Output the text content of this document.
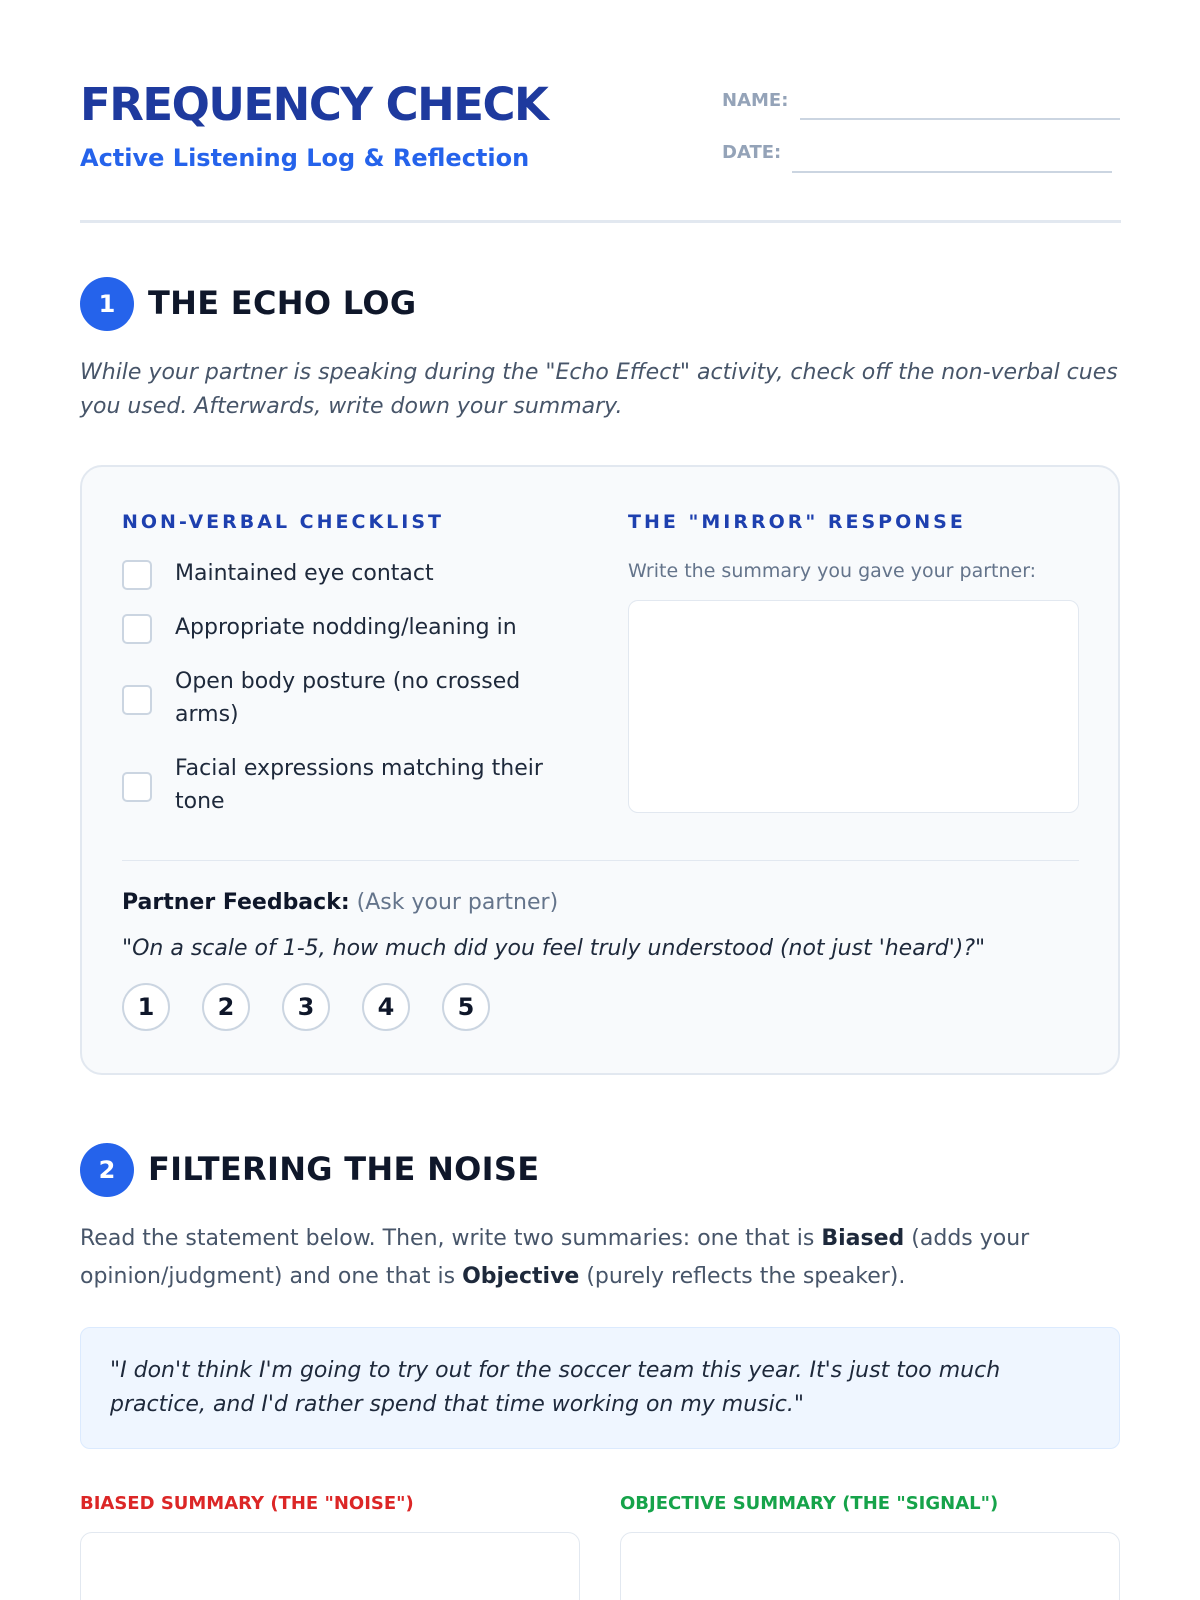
FREQUENCY CHECK
Active Listening Log & Reflection
NAME:
DATE:
1	THE ECHO LOG
While your partner is speaking during the "Echo Effect" activity, check off the non-verbal cues you used. Afterwards, write down your summary.
NON-VERBAL CHECKLIST	THE "MIRROR" RESPONSE
Maintained eye contact
Appropriate nodding/leaning in
Open body posture (no crossed arms)
Facial expressions matching their tone
Write the summary you gave your partner:
Partner Feedback: (Ask your partner)
"On a scale of 1-5, how much did you feel truly understood (not just 'heard')?"
1	2	3	4	5
2	FILTERING THE NOISE
Read the statement below. Then, write two summaries: one that is Biased (adds your opinion/judgment) and one that is Objective (purely reflects the speaker).
"I don't think I'm going to try out for the soccer team this year. It's just too much practice, and I'd rather spend that time working on my music."
BIASED SUMMARY (THE "NOISE")	OBJECTIVE SUMMARY (THE "SIGNAL")
